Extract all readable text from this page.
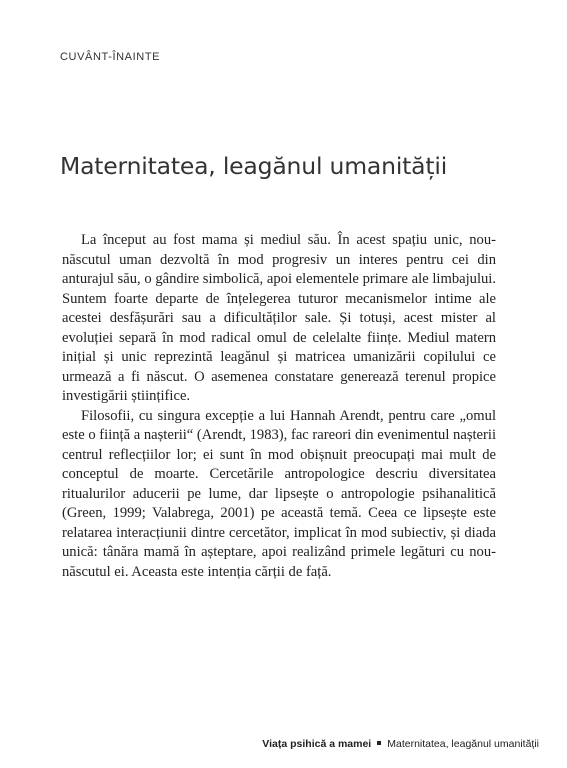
CUVÂNT-ÎNAINTE
Maternitatea, leagănul umanității

La început au fost mama și mediul său. În acest spațiu unic, nou-născutul uman dezvoltă în mod progresiv un interes pentru cei din anturajul său, o gândire simbolică, apoi elementele primare ale limbajului. Suntem foarte departe de înțelegerea tuturor mecanismelor intime ale acestei desfășurări sau a dificultăților sale. Și totuși, acest mister al evoluției separă în mod radical omul de celelalte ființe. Mediul matern inițial și unic reprezintă leagănul și matricea umanizării copilului ce urmează a fi născut. O asemenea constatare generează terenul propice investigării științifice.

Filosofii, cu singura excepție a lui Hannah Arendt, pentru care „omul este o ființă a nașterii“ (Arendt, 1983), fac rareori din evenimentul nașterii centrul reflecțiilor lor; ei sunt în mod obișnuit preocupați mai mult de conceptul de moarte. Cercetările antropologice descriu diversitatea ritualurilor aducerii pe lume, dar lipsește o antropologie psihanalitică (Green, 1999; Valabrega, 2001) pe această temă. Ceea ce lipsește este relatarea interacțiunii dintre cercetător, implicat în mod subiectiv, și diada unică: tânăra mamă în așteptare, apoi realizând primele legături cu nou-născutul ei. Aceasta este intenția cărții de față.

Viața psihică a mamei Maternitatea, leagănul umanității
